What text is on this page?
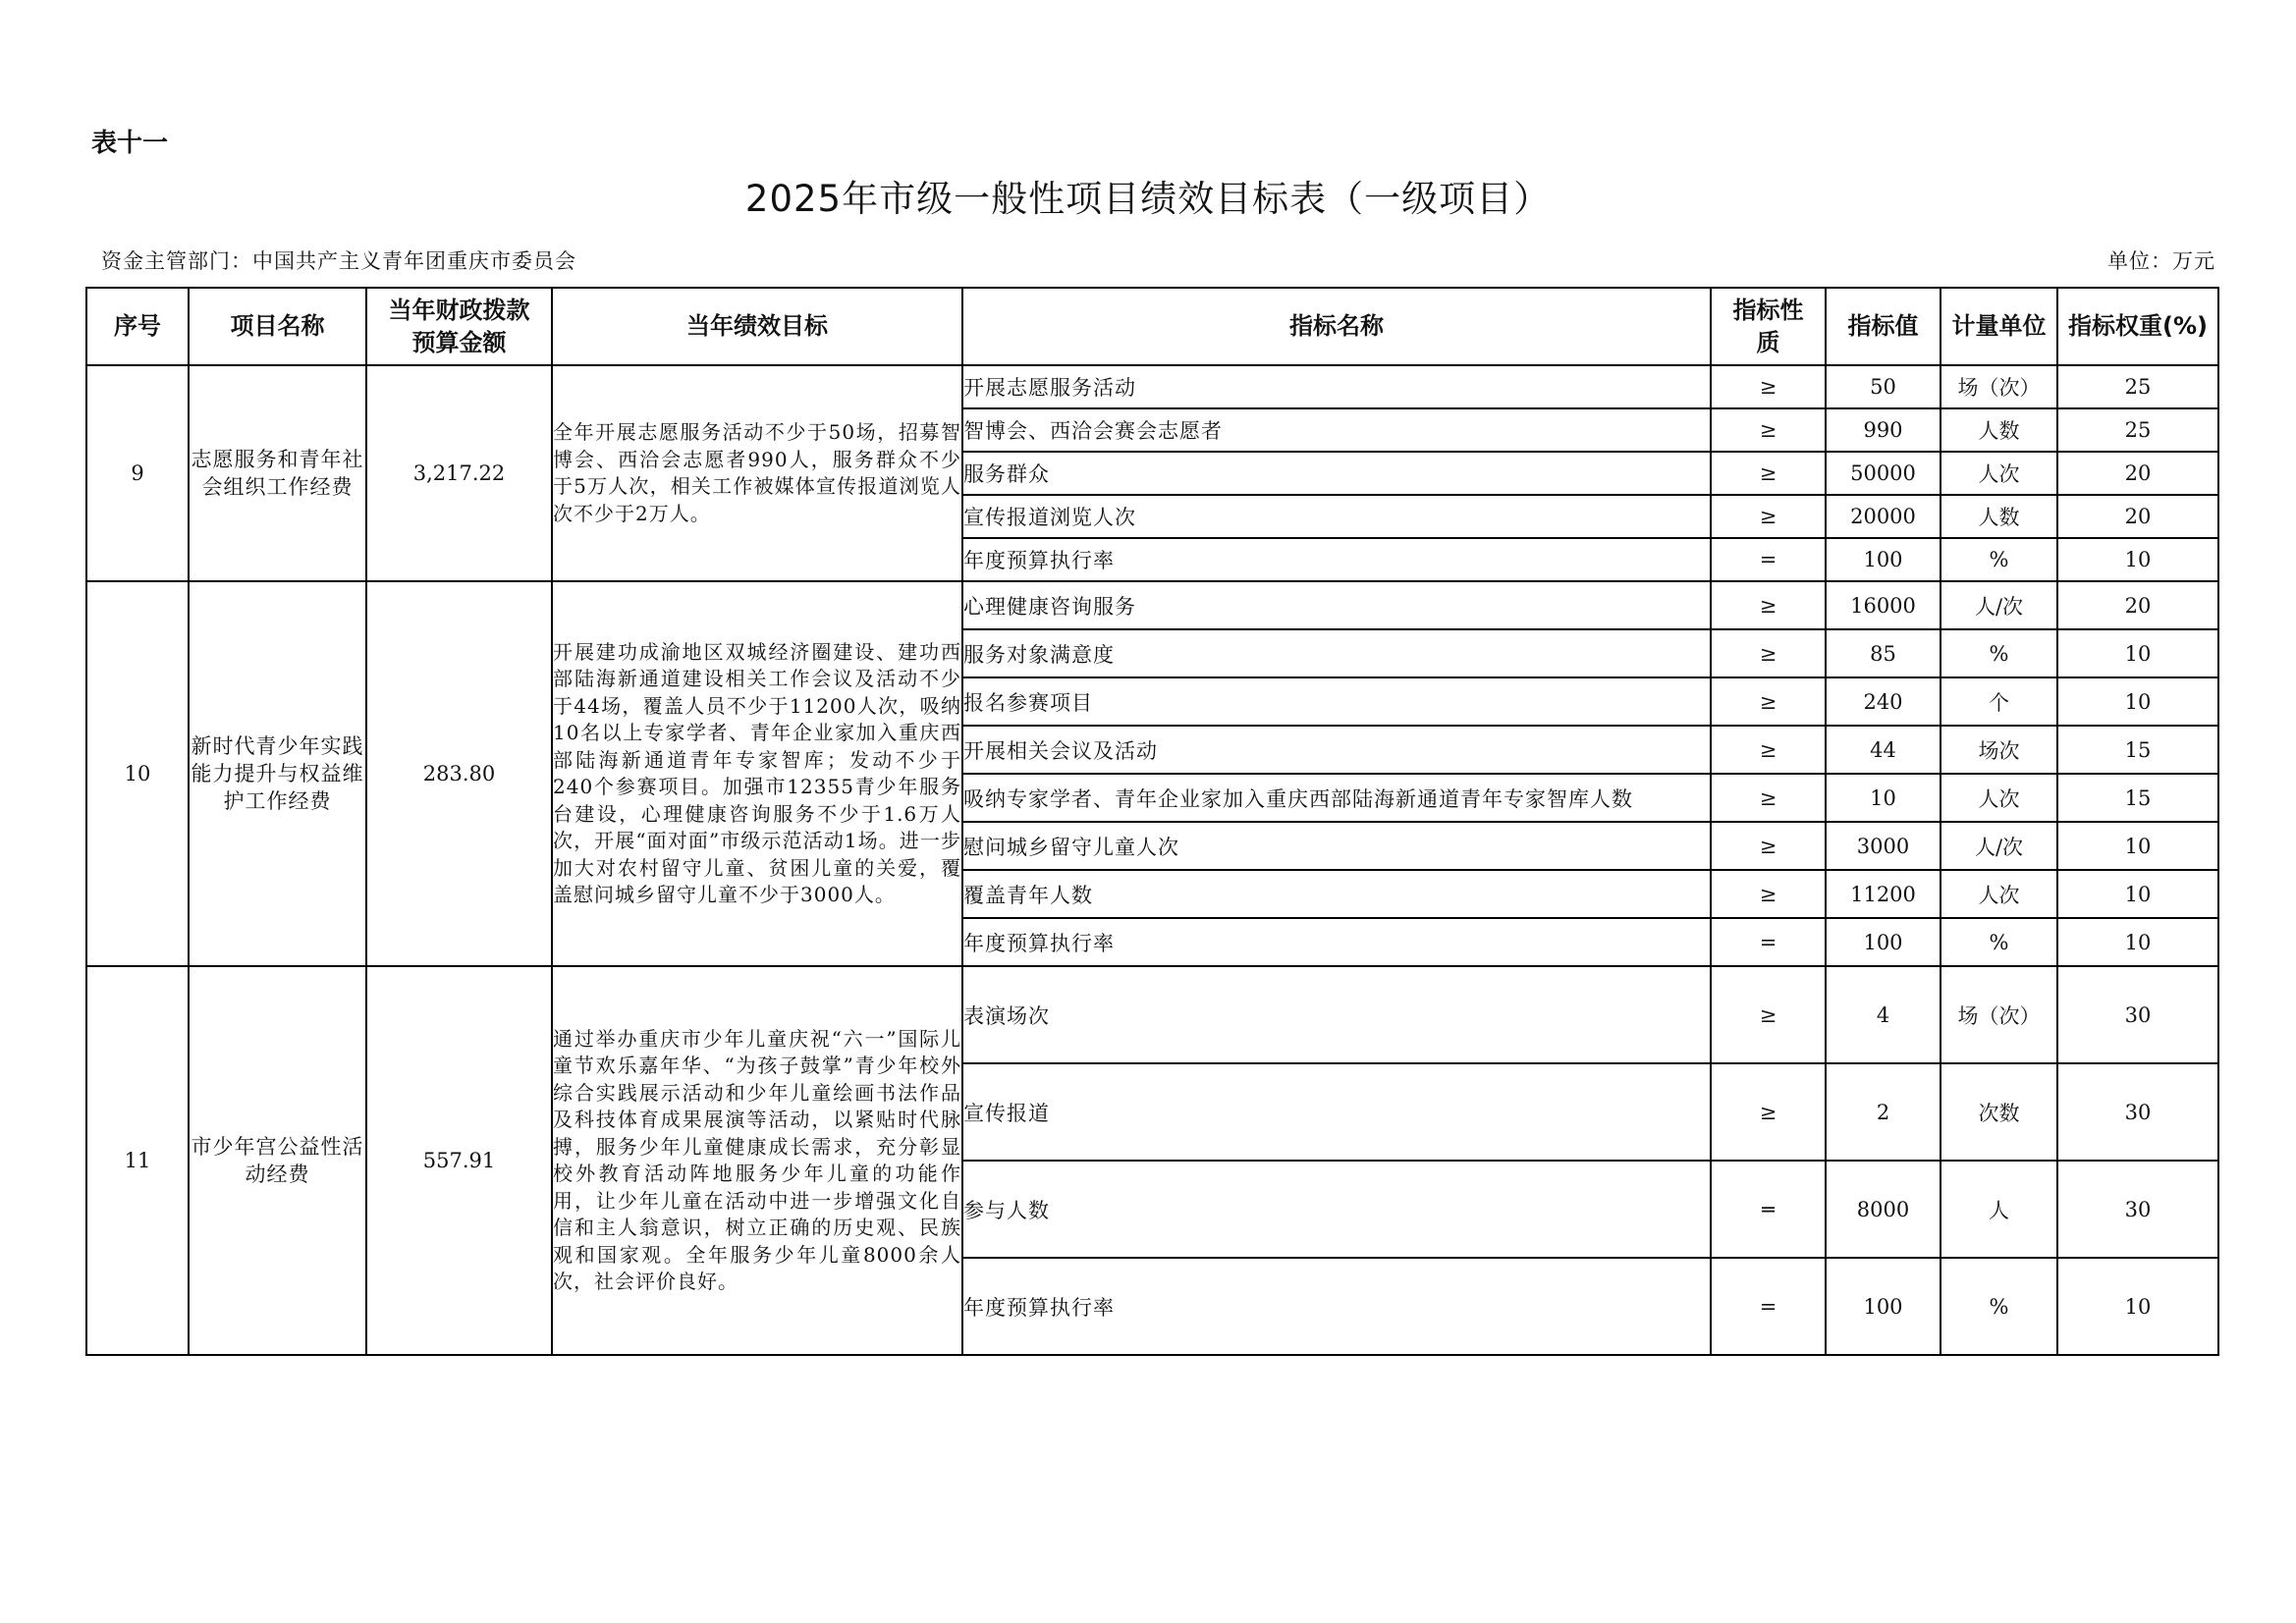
表十一
2025年市级一般性项目绩效目标表（一级项目）
资金主管部门：中国共产主义青年团重庆市委员会	单位：万元
序号	项目名称	当年财政拨款预算金额	当年绩效目标	指标名称	指标性质	指标值	计量单位	指标权重(%)
9	志愿服务和青年社会组织工作经费	3,217.22	全年开展志愿服务活动不少于50场，招募智博会、西洽会志愿者990人，服务群众不少于5万人次，相关工作被媒体宣传报道浏览人次不少于2万人。	开展志愿服务活动	≥	50	场（次）	25
				智博会、西洽会赛会志愿者	≥	990	人数	25
				服务群众	≥	50000	人次	20
				宣传报道浏览人次	≥	20000	人数	20
				年度预算执行率	=	100	%	10
10	新时代青少年实践能力提升与权益维护工作经费	283.80	开展建功成渝地区双城经济圈建设、建功西部陆海新通道建设相关工作会议及活动不少于44场，覆盖人员不少于11200人次，吸纳10名以上专家学者、青年企业家加入重庆西部陆海新通道青年专家智库；发动不少于240个参赛项目。加强市12355青少年服务台建设，心理健康咨询服务不少于1.6万人次，开展“面对面”市级示范活动1场。进一步加大对农村留守儿童、贫困儿童的关爱，覆盖慰问城乡留守儿童不少于3000人。	心理健康咨询服务	≥	16000	人/次	20
				服务对象满意度	≥	85	%	10
				报名参赛项目	≥	240	个	10
				开展相关会议及活动	≥	44	场次	15
				吸纳专家学者、青年企业家加入重庆西部陆海新通道青年专家智库人数	≥	10	人次	15
				慰问城乡留守儿童人次	≥	3000	人/次	10
				覆盖青年人数	≥	11200	人次	10
				年度预算执行率	=	100	%	10
11	市少年宫公益性活动经费	557.91	通过举办重庆市少年儿童庆祝“六一”国际儿童节欢乐嘉年华、“为孩子鼓掌”青少年校外综合实践展示活动和少年儿童绘画书法作品及科技体育成果展演等活动，以紧贴时代脉搏，服务少年儿童健康成长需求，充分彰显校外教育活动阵地服务少年儿童的功能作用，让少年儿童在活动中进一步增强文化自信和主人翁意识，树立正确的历史观、民族观和国家观。全年服务少年儿童8000余人次，社会评价良好。	表演场次	≥	4	场（次）	30
				宣传报道	≥	2	次数	30
				参与人数	═	8000	人	30
				年度预算执行率	=	100	%	10
